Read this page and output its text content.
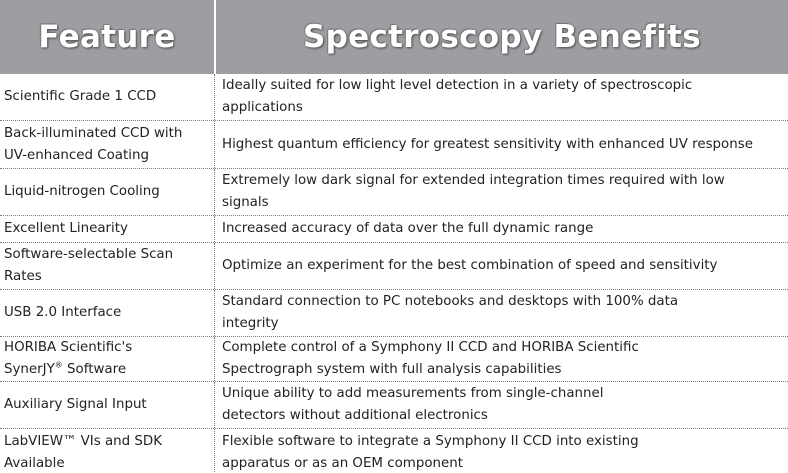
Feature	Spectroscopy Benefits
Scientific Grade 1 CCD
Ideally suited for low light level detection in a variety of spectroscopic applications
Back-illuminated CCD with UV-enhanced Coating
Highest quantum efficiency for greatest sensitivity with enhanced UV response
Liquid-nitrogen Cooling
Extremely low dark signal for extended integration times required with low signals
Excellent Linearity	Increased accuracy of data over the full dynamic range
Software-selectable Scan Rates
Optimize an experiment for the best combination of speed and sensitivity
USB 2.0 Interface
Standard connection to PC notebooks and desktops with 100% data integrity
HORIBA Scientific's
SynerJY® Software
Complete control of a Symphony II CCD and HORIBA Scientific Spectrograph system with full analysis capabilities
Auxiliary Signal Input
Unique ability to add measurements from single-channel detectors without additional electronics
LabVIEW™ VIs and SDK Available
Flexible software to integrate a Symphony II CCD into existing apparatus or as an OEM component
